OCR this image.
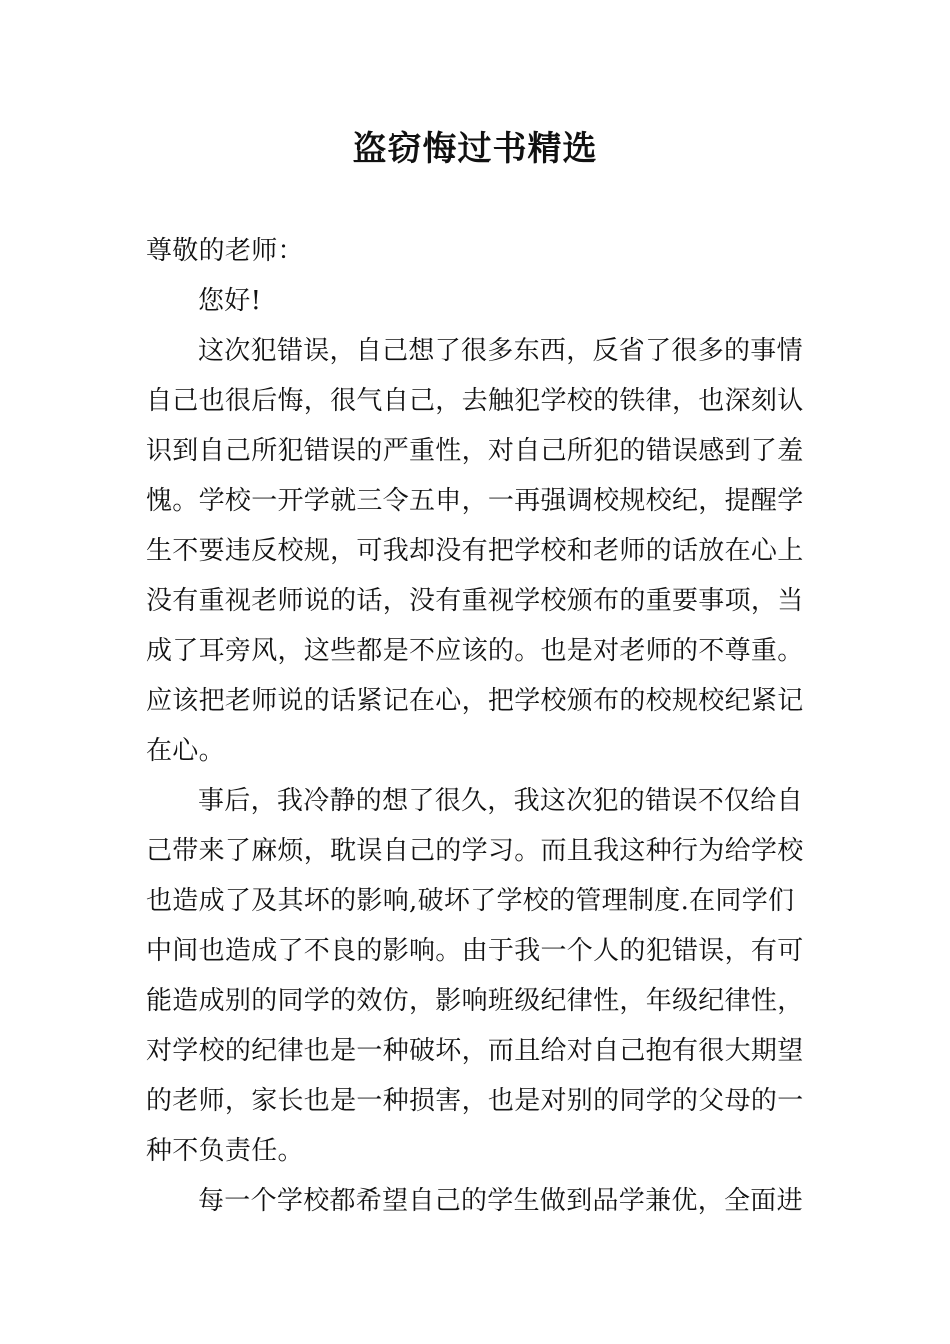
盗窃悔过书精选
尊敬的老师：
您好!
这次犯错误，自己想了很多东西，反省了很多的事情
自己也很后悔，很气自己，去触犯学校的铁律，也深刻认
识到自己所犯错误的严重性，对自己所犯的错误感到了羞
愧。学校一开学就三令五申，一再强调校规校纪，提醒学
生不要违反校规，可我却没有把学校和老师的话放在心上
没有重视老师说的话，没有重视学校颁布的重要事项，当
成了耳旁风，这些都是不应该的。也是对老师的不尊重。
应该把老师说的话紧记在心，把学校颁布的校规校纪紧记
在心。
事后，我冷静的想了很久，我这次犯的错误不仅给自
己带来了麻烦，耽误自己的学习。而且我这种行为给学校
也造成了及其坏的影响,破坏了学校的管理制度.在同学们
中间也造成了不良的影响。由于我一个人的犯错误，有可
能造成别的同学的效仿，影响班级纪律性，年级纪律性，
对学校的纪律也是一种破坏，而且给对自己抱有很大期望
的老师，家长也是一种损害，也是对别的同学的父母的一
种不负责任。
每一个学校都希望自己的学生做到品学兼优，全面进
